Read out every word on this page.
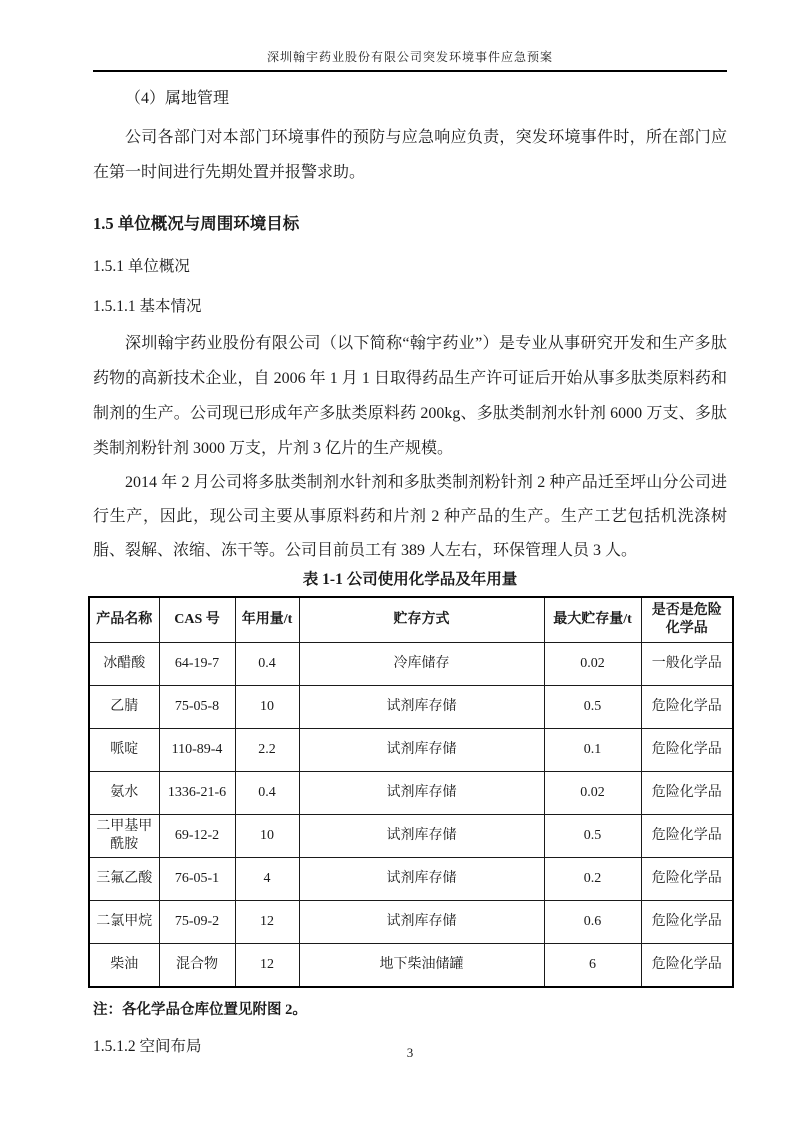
深圳翰宇药业股份有限公司突发环境事件应急预案

（4）属地管理

公司各部门对本部门环境事件的预防与应急响应负责，突发环境事件时，所在部门应在第一时间进行先期处置并报警求助。

1.5 单位概况与周围环境目标
1.5.1 单位概况
1.5.1.1 基本情况

深圳翰宇药业股份有限公司（以下简称“翰宇药业”）是专业从事研究开发和生产多肽药物的高新技术企业，自 2006 年 1 月 1 日取得药品生产许可证后开始从事多肽类原料药和制剂的生产。公司现已形成年产多肽类原料药 200kg、多肽类制剂水针剂 6000 万支、多肽类制剂粉针剂 3000 万支，片剂 3 亿片的生产规模。

2014 年 2 月公司将多肽类制剂水针剂和多肽类制剂粉针剂 2 种产品迁至坪山分公司进行生产，因此，现公司主要从事原料药和片剂 2 种产品的生产。生产工艺包括机洗涤树脂、裂解、浓缩、冻干等。公司目前员工有 389 人左右，环保管理人员 3 人。

表 1-1 公司使用化学品及年用量
产品名称	CAS 号	年用量/t	贮存方式	最大贮存量/t	是否是危险化学品
冰醋酸	64-19-7	0.4	冷库储存	0.02	一般化学品
乙腈	75-05-8	10	试剂库存储	0.5	危险化学品
哌啶	110-89-4	2.2	试剂库存储	0.1	危险化学品
氨水	1336-21-6	0.4	试剂库存储	0.02	危险化学品
二甲基甲酰胺	69-12-2	10	试剂库存储	0.5	危险化学品
三氟乙酸	76-05-1	4	试剂库存储	0.2	危险化学品
二氯甲烷	75-09-2	12	试剂库存储	0.6	危险化学品
柴油	混合物	12	地下柴油储罐	6	危险化学品

注：各化学品仓库位置见附图 2。

1.5.1.2 空间布局	3
